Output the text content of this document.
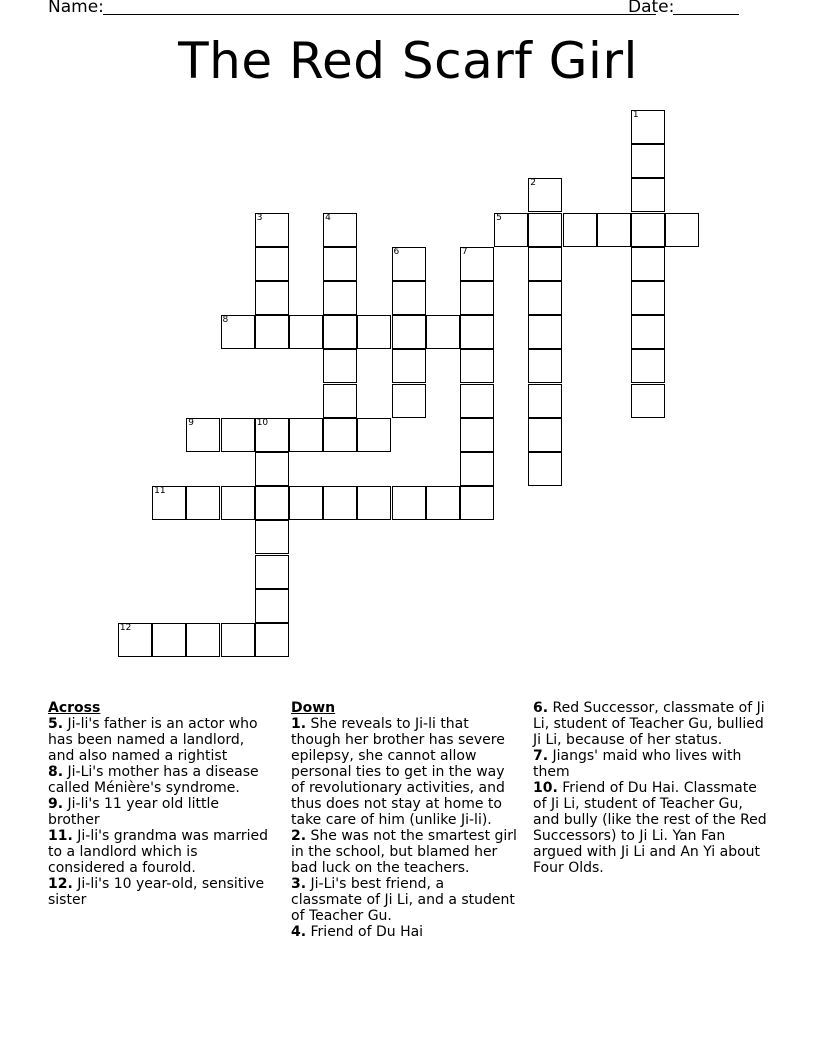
Name:	Date:
The Red Scarf Girl
1
2
5
3	4
6	7
8
9	10
11
12
Across
5. Ji-li's father is an actor who has been named a landlord, and also named a rightist
8. Ji-Li's mother has a disease called Ménière's syndrome.
9. Ji-li's 11 year old little brother
11. Ji-li's grandma was married to a landlord which is considered a fourold.
12. Ji-li's 10 year-old, sensitive sister
Down
1. She reveals to Ji-li that though her brother has severe epilepsy, she cannot allow personal ties to get in the way of revolutionary activities, and thus does not stay at home to take care of him (unlike Ji-li).
2. She was not the smartest girl in the school, but blamed her bad luck on the teachers.
3. Ji-Li's best friend, a classmate of Ji Li, and a student of Teacher Gu.
4. Friend of Du Hai
6. Red Successor, classmate of Ji Li, student of Teacher Gu, bullied Ji Li, because of her status.
7. Jiangs' maid who lives with them
10. Friend of Du Hai. Classmate of Ji Li, student of Teacher Gu, and bully (like the rest of the Red Successors) to Ji Li. Yan Fan argued with Ji Li and An Yi about Four Olds.
